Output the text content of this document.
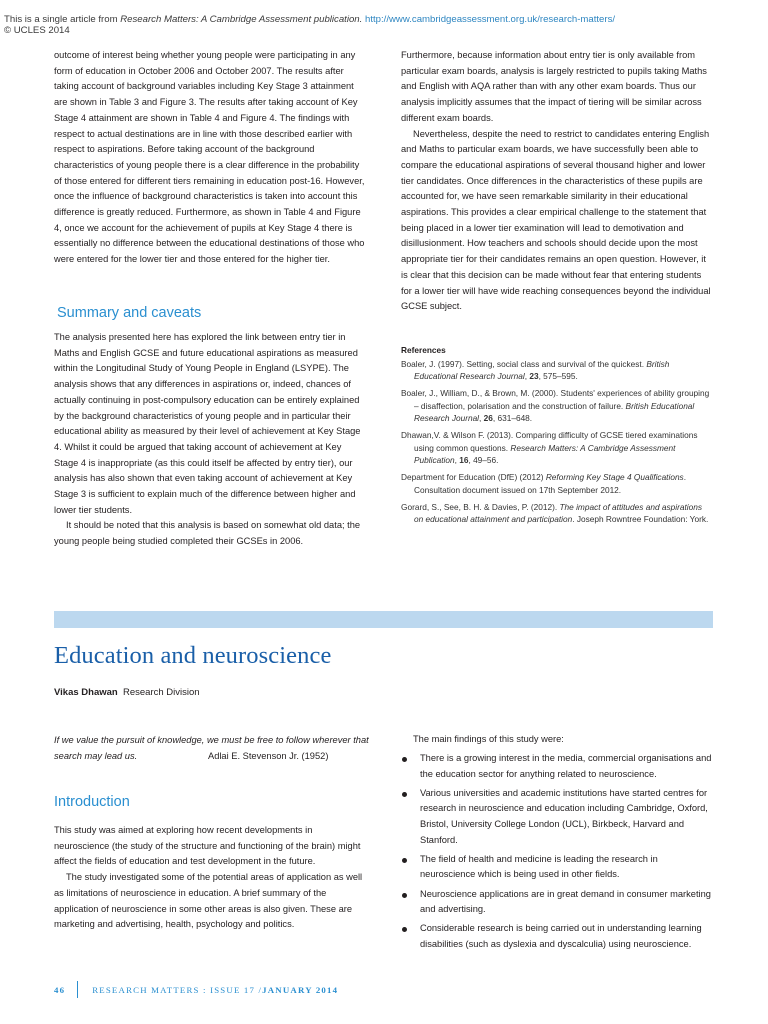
This is a single article from Research Matters: A Cambridge Assessment publication. http://www.cambridgeassessment.org.uk/research-matters/
© UCLES 2014

outcome of interest being whether young people were participating in any form of education in October 2006 and October 2007. The results after taking account of background variables including Key Stage 3 attainment are shown in Table 3 and Figure 3. The results after taking account of Key Stage 4 attainment are shown in Table 4 and Figure 4. The findings with respect to actual destinations are in line with those described earlier with respect to aspirations. Before taking account of the background characteristics of young people there is a clear difference in the probability of those entered for different tiers remaining in education post-16. However, once the influence of background characteristics is taken into account this difference is greatly reduced. Furthermore, as shown in Table 4 and Figure 4, once we account for the achievement of pupils at Key Stage 4 there is essentially no difference between the educational destinations of those who were entered for the lower tier and those entered for the higher tier.

Summary and caveats

The analysis presented here has explored the link between entry tier in Maths and English GCSE and future educational aspirations as measured within the Longitudinal Study of Young People in England (LSYPE). The analysis shows that any differences in aspirations or, indeed, chances of actually continuing in post-compulsory education can be entirely explained by the background characteristics of young people and in particular their educational ability as measured by their level of achievement at Key Stage 4. Whilst it could be argued that taking account of achievement at Key Stage 4 is inappropriate (as this could itself be affected by entry tier), our analysis has also shown that even taking account of achievement at Key Stage 3 is sufficient to explain much of the difference between higher and lower tier students.

It should be noted that this analysis is based on somewhat old data; the young people being studied completed their GCSEs in 2006.

Furthermore, because information about entry tier is only available from particular exam boards, analysis is largely restricted to pupils taking Maths and English with AQA rather than with any other exam boards. Thus our analysis implicitly assumes that the impact of tiering will be similar across different exam boards.

Nevertheless, despite the need to restrict to candidates entering English and Maths to particular exam boards, we have successfully been able to compare the educational aspirations of several thousand higher and lower tier candidates. Once differences in the characteristics of these pupils are accounted for, we have seen remarkable similarity in their educational aspirations. This provides a clear empirical challenge to the statement that being placed in a lower tier examination will lead to demotivation and disillusionment. How teachers and schools should decide upon the most appropriate tier for their candidates remains an open question. However, it is clear that this decision can be made without fear that entering students for a lower tier will have wide reaching consequences beyond the individual GCSE subject.

References
Boaler, J. (1997). Setting, social class and survival of the quickest. British Educational Research Journal, 23, 575–595.
Boaler, J., William, D., & Brown, M. (2000). Students' experiences of ability grouping – disaffection, polarisation and the construction of failure. British Educational Research Journal, 26, 631–648.
Dhawan,V. & Wilson F. (2013). Comparing difficulty of GCSE tiered examinations using common questions. Research Matters: A Cambridge Assessment Publication, 16, 49–56.
Department for Education (DfE) (2012) Reforming Key Stage 4 Qualifications. Consultation document issued on 17th September 2012.
Gorard, S., See, B. H. & Davies, P. (2012). The impact of attitudes and aspirations on educational attainment and participation. Joseph Rowntree Foundation: York.
Education and neuroscience
Vikas Dhawan Research Division
If we value the pursuit of knowledge, we must be free to follow wherever that search may lead us.	Adlai E. Stevenson Jr. (1952)
Introduction

This study was aimed at exploring how recent developments in neuroscience (the study of the structure and functioning of the brain) might affect the fields of education and test development in the future.

The study investigated some of the potential areas of application as well as limitations of neuroscience in education. A brief summary of the application of neuroscience in some other areas is also given. These are marketing and advertising, health, psychology and politics.

The main findings of this study were:

There is a growing interest in the media, commercial organisations and the education sector for anything related to neuroscience.
Various universities and academic institutions have started centres for research in neuroscience and education including Cambridge, Oxford, Bristol, University College London (UCL), Birkbeck, Harvard and Stanford.
The field of health and medicine is leading the research in neuroscience which is being used in other fields.
Neuroscience applications are in great demand in consumer marketing and advertising.
Considerable research is being carried out in understanding learning disabilities (such as dyslexia and dyscalculia) using neuroscience.
46	RESEARCH MATTERS : ISSUE 17 / JANUARY 2014
